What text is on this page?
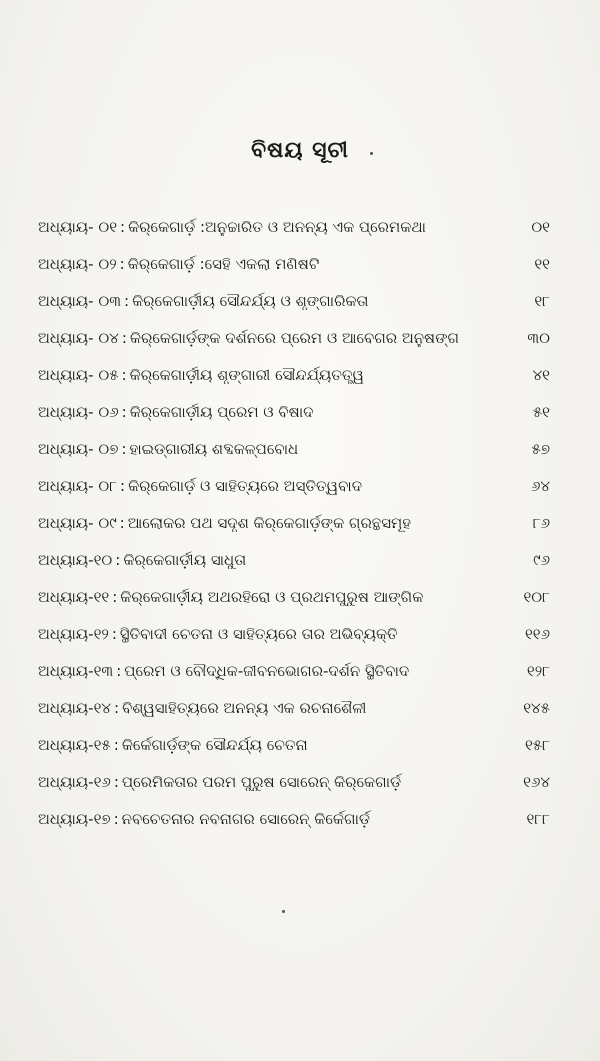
ବିଷୟ ସୂଚୀ
ଅଧ୍ୟାୟ- ୦୧ : କିର୍‌କେଗାର୍ଡ଼ :ଅନୁଚ୍ଚାରିତ ଓ ଅନନ୍ୟ ଏକ ପ୍ରେମକଥା	୦୧
ଅଧ୍ୟାୟ- ୦୨ : କିର୍‌କେଗାର୍ଡ଼ :ସେହି ଏକଲା ମଣିଷଟି	୧୧
ଅଧ୍ୟାୟ- ୦୩ : କିର୍‌କେଗାର୍ଡ଼ୀୟ ସୌନ୍ଦର୍ଯ୍ୟ ଓ ଶୃଙ୍ଗାରିକତା	୧୮
ଅଧ୍ୟାୟ- ୦୪ : କିର୍‌କେଗାର୍ଡ଼ଙ୍କ ଦର୍ଶନରେ ପ୍ରେମ ଓ ଆବେଗର ଅନୁଷଙ୍ଗ	୩୦
ଅଧ୍ୟାୟ- ୦୫ : କିର୍‌କେଗାର୍ଡ଼ୀୟ ଶୃଙ୍ଗାରୀ ସୌନ୍ଦର୍ଯ୍ୟତତ୍ତ୍ୱ	୪୧
ଅଧ୍ୟାୟ- ୦୬ : କିର୍‌କେଗାର୍ଡ଼ୀୟ ପ୍ରେମ ଓ ବିଷାଦ	୫୧
ଅଧ୍ୟାୟ- ୦୭ : ହାଇଡ୍‌ଗାରୀୟ ଶବ୍ଦକଳ୍ପବୋଧ	୫୭
ଅଧ୍ୟାୟ- ୦୮ : କିର୍‌କେଗାର୍ଡ଼ ଓ ସାହିତ୍ୟରେ ଅସ୍ତିତ୍ୱବାଦ	୬୪
ଅଧ୍ୟାୟ- ୦୯ : ଆଲୋକର ପଥ ସଦୃଶ କିର୍‌କେଗାର୍ଡ଼ଙ୍କ ଗ୍ରନ୍ଥସମୂହ	୮୬
ଅଧ୍ୟାୟ-୧୦ : କିର୍‌କେଗାର୍ଡ଼ୀୟ ସାଧୁତା	୯୬
ଅଧ୍ୟାୟ-୧୧ : କିର୍‌କେଗାର୍ଡ଼ୀୟ ଅଥରହିରୋ ଓ ପ୍ରଥମପୁରୁଷ ଆଙ୍ଗିକ	୧୦୮
ଅଧ୍ୟାୟ-୧୨ : ସ୍ଥିତିବାଦୀ ଚେତନା ଓ ସାହିତ୍ୟରେ ତାର ଅଭିବ୍ୟକ୍ତି	୧୧୬
ଅଧ୍ୟାୟ-୧୩ : ପ୍ରେମ ଓ ବୌଦ୍ଧିକ-ଜୀବନଭୋଗର-ଦର୍ଶନ ସ୍ଥିତିବାଦ	୧୨୮
ଅଧ୍ୟାୟ-୧୪ : ବିଶ୍ୱସାହିତ୍ୟରେ ଅନନ୍ୟ ଏକ ରଚନାଶୈଳୀ	୧୪୫
ଅଧ୍ୟାୟ-୧୫ : କିର୍କେଗାର୍ଡ଼ଙ୍କ ସୌନ୍ଦର୍ଯ୍ୟ ଚେତନା	୧୫୮
ଅଧ୍ୟାୟ-୧୬ : ପ୍ରେମିକତାର ପରମ ପୁରୁଷ ସୋରେନ୍ କିର୍‌କେଗାର୍ଡ଼	୧୬୪
ଅଧ୍ୟାୟ-୧୭ : ନବଚେତନାର ନବନାଗର ସୋରେନ୍ କିର୍କେଗାର୍ଡ଼	୧୮୮
